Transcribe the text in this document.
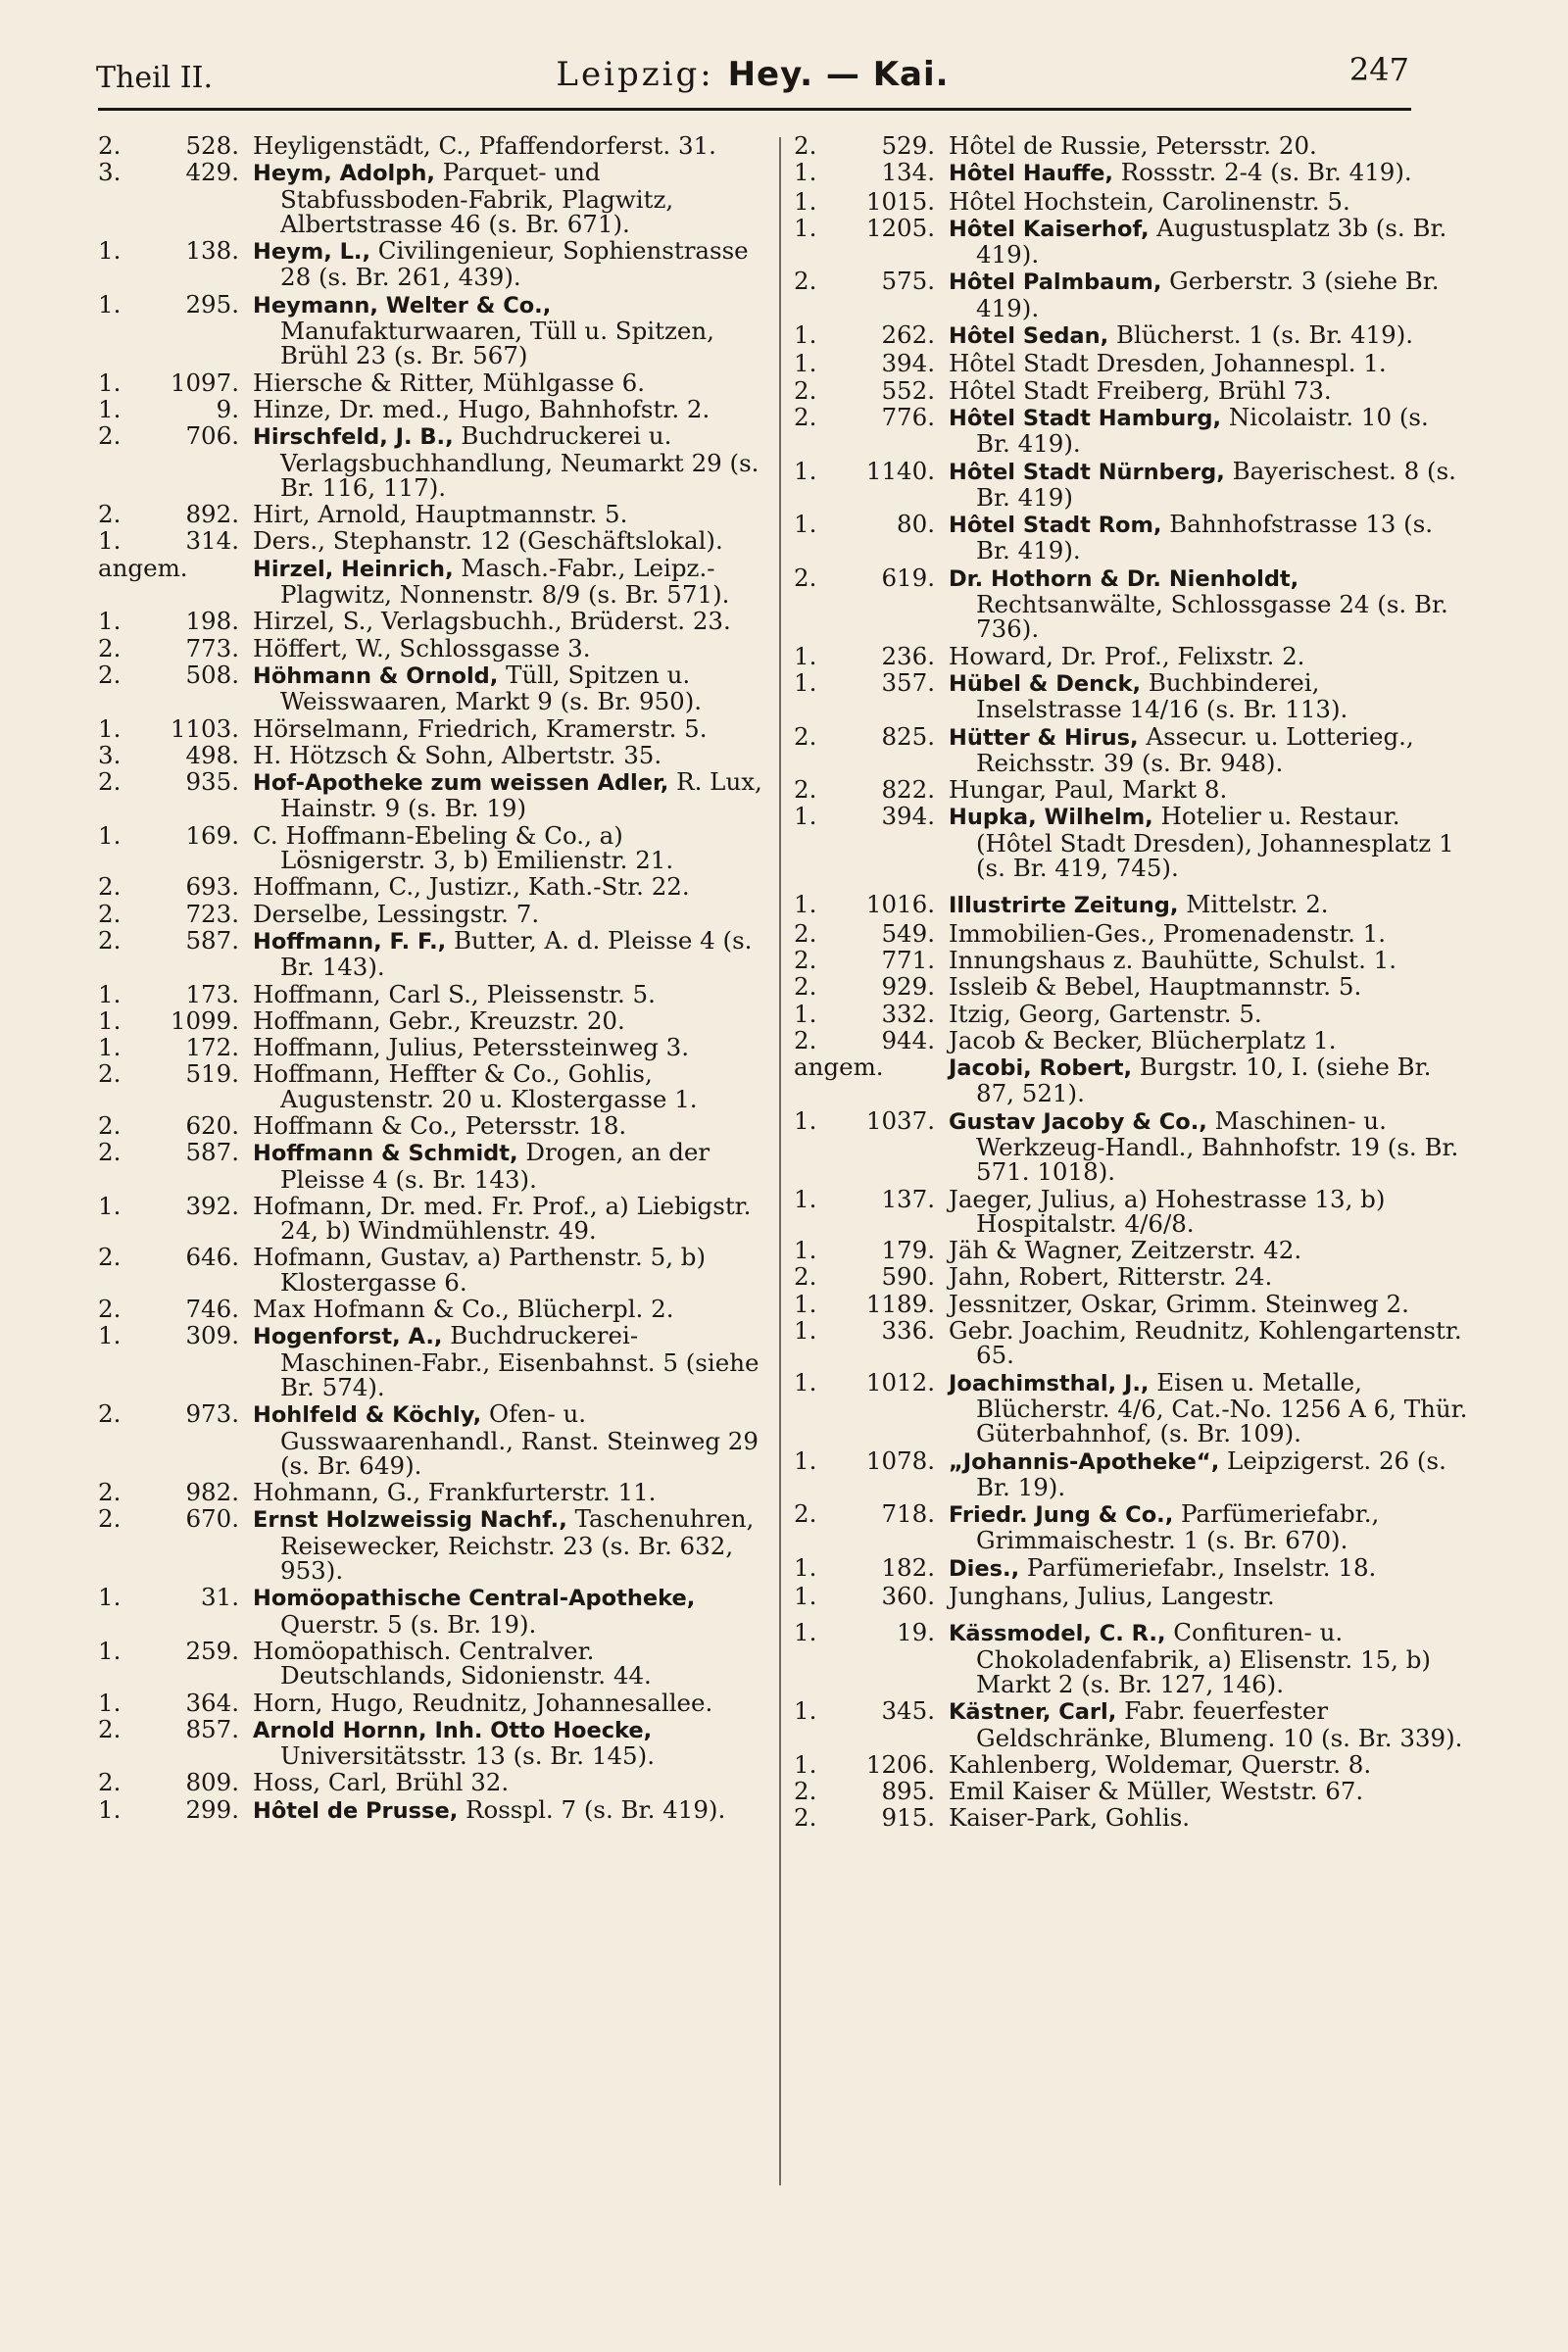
Theil II.	Leipzig: Hey. — Kai.	247
2.	528. Heyligenstädt, C., Pfaffendorferst. 31.
3.	429. Heym, Adolph, Parquet- und Stabfussboden-Fabrik, Plagwitz, Albertstrasse 46 (s. Br. 671).
1.	138. Heym, L., Civilingenieur, Sophienstrasse 28 (s. Br. 261, 439).
1.	295. Heymann, Welter & Co., Manufakturwaaren, Tüll u. Spitzen, Brühl 23 (s. Br. 567)
1.	1097. Hiersche & Ritter, Mühlgasse 6.
1.	9. Hinze, Dr. med., Hugo, Bahnhofstr. 2.
2.	706. Hirschfeld, J. B., Buchdruckerei u. Verlagsbuchhandlung, Neumarkt 29 (s. Br. 116, 117).
2.	892. Hirt, Arnold, Hauptmannstr. 5.
1.	314. Ders., Stephanstr. 12 (Geschäftslokal).
angem.	Hirzel, Heinrich, Masch.-Fabr., Leipz.-Plagwitz, Nonnenstr. 8/9 (s. Br. 571).
1.	198. Hirzel, S., Verlagsbuchh., Brüderst. 23.
2.	773. Höffert, W., Schlossgasse 3.
2.	508. Höhmann & Ornold, Tüll, Spitzen u. Weisswaaren, Markt 9 (s. Br. 950).
1.	1103. Hörselmann, Friedrich, Kramerstr. 5.
3.	498. H. Hötzsch & Sohn, Albertstr. 35.
2.	935. Hof-Apotheke zum weissen Adler, R. Lux, Hainstr. 9 (s. Br. 19)
1.	169. C. Hoffmann-Ebeling & Co., a) Lösnigerstr. 3, b) Emilienstr. 21.
2.	693. Hoffmann, C., Justizr., Kath.-Str. 22.
2.	723. Derselbe, Lessingstr. 7.
2.	587. Hoffmann, F. F., Butter, A. d. Pleisse 4 (s. Br. 143).
1.	173. Hoffmann, Carl S., Pleissenstr. 5.
1.	1099. Hoffmann, Gebr., Kreuzstr. 20.
1.	172. Hoffmann, Julius, Peterssteinweg 3.
2.	519. Hoffmann, Heffter & Co., Gohlis, Augustenstr. 20 u. Klostergasse 1.
2.	620. Hoffmann & Co., Petersstr. 18.
2.	587. Hoffmann & Schmidt, Drogen, an der Pleisse 4 (s. Br. 143).
1.	392. Hofmann, Dr. med. Fr. Prof., a) Liebigstr. 24, b) Windmühlenstr. 49.
2.	646. Hofmann, Gustav, a) Parthenstr. 5, b) Klostergasse 6.
2.	746. Max Hofmann & Co., Blücherpl. 2.
1.	309. Hogenforst, A., Buchdruckerei-Maschinen-Fabr., Eisenbahnst. 5 (siehe Br. 574).
2.	973. Hohlfeld & Köchly, Ofen- u. Gusswaarenhandl., Ranst. Steinweg 29 (s. Br. 649).
2.	982. Hohmann, G., Frankfurterstr. 11.
2.	670. Ernst Holzweissig Nachf., Taschenuhren, Reisewecker, Reichstr. 23 (s. Br. 632, 953).
1.	31. Homöopathische Central-Apotheke, Querstr. 5 (s. Br. 19).
1.	259. Homöopathisch. Centralver. Deutschlands, Sidonienstr. 44.
1.	364. Horn, Hugo, Reudnitz, Johannesallee.
2.	857. Arnold Hornn, Inh. Otto Hoecke, Universitätsstr. 13 (s. Br. 145).
2.	809. Hoss, Carl, Brühl 32.
1.	299. Hôtel de Prusse, Rosspl. 7 (s. Br. 419).
2.	529. Hôtel de Russie, Petersstr. 20.
1.	134. Hôtel Hauffe, Rossstr. 2-4 (s. Br. 419).
1.	1015. Hôtel Hochstein, Carolinenstr. 5.
1.	1205. Hôtel Kaiserhof, Augustusplatz 3b (s. Br. 419).
2.	575. Hôtel Palmbaum, Gerberstr. 3 (siehe Br. 419).
1.	262. Hôtel Sedan, Blücherst. 1 (s. Br. 419).
1.	394. Hôtel Stadt Dresden, Johannespl. 1.
2.	552. Hôtel Stadt Freiberg, Brühl 73.
2.	776. Hôtel Stadt Hamburg, Nicolaistr. 10 (s. Br. 419).
1.	1140. Hôtel Stadt Nürnberg, Bayerischest. 8 (s. Br. 419)
1.	80. Hôtel Stadt Rom, Bahnhofstrasse 13 (s. Br. 419).
2.	619. Dr. Hothorn & Dr. Nienholdt, Rechtsanwälte, Schlossgasse 24 (s. Br. 736).
1.	236. Howard, Dr. Prof., Felixstr. 2.
1.	357. Hübel & Denck, Buchbinderei, Inselstrasse 14/16 (s. Br. 113).
2.	825. Hütter & Hirus, Assecur. u. Lotterieg., Reichsstr. 39 (s. Br. 948).
2.	822. Hungar, Paul, Markt 8.
1.	394. Hupka, Wilhelm, Hotelier u. Restaur. (Hôtel Stadt Dresden), Johannesplatz 1 (s. Br. 419, 745).
1.	1016. Illustrirte Zeitung, Mittelstr. 2.
2.	549. Immobilien-Ges., Promenadenstr. 1.
2.	771. Innungshaus z. Bauhütte, Schulst. 1.
2.	929. Issleib & Bebel, Hauptmannstr. 5.
1.	332. Itzig, Georg, Gartenstr. 5.
2.	944. Jacob & Becker, Blücherplatz 1.
angem.	Jacobi, Robert, Burgstr. 10, I. (siehe Br. 87, 521).
1.	1037. Gustav Jacoby & Co., Maschinen- u. Werkzeug-Handl., Bahnhofstr. 19 (s. Br. 571. 1018).
1.	137. Jaeger, Julius, a) Hohestrasse 13, b) Hospitalstr. 4/6/8.
1.	179. Jäh & Wagner, Zeitzerstr. 42.
2.	590. Jahn, Robert, Ritterstr. 24.
1.	1189. Jessnitzer, Oskar, Grimm. Steinweg 2.
1.	336. Gebr. Joachim, Reudnitz, Kohlengartenstr. 65.
1.	1012. Joachimsthal, J., Eisen u. Metalle, Blücherstr. 4/6, Cat.-No. 1256 A 6, Thür. Güterbahnhof, (s. Br. 109).
1.	1078. „Johannis-Apotheke“, Leipzigerst. 26 (s. Br. 19).
2.	718. Friedr. Jung & Co., Parfümeriefabr., Grimmaischestr. 1 (s. Br. 670).
1.	182. Dies., Parfümeriefabr., Inselstr. 18.
1.	360. Junghans, Julius, Langestr.
1.	19. Kässmodel, C. R., Confituren- u. Chokoladenfabrik, a) Elisenstr. 15, b) Markt 2 (s. Br. 127, 146).
1.	345. Kästner, Carl, Fabr. feuerfester Geldschränke, Blumeng. 10 (s. Br. 339).
1.	1206. Kahlenberg, Woldemar, Querstr. 8.
2.	895. Emil Kaiser & Müller, Weststr. 67.
2.	915. Kaiser-Park, Gohlis.
